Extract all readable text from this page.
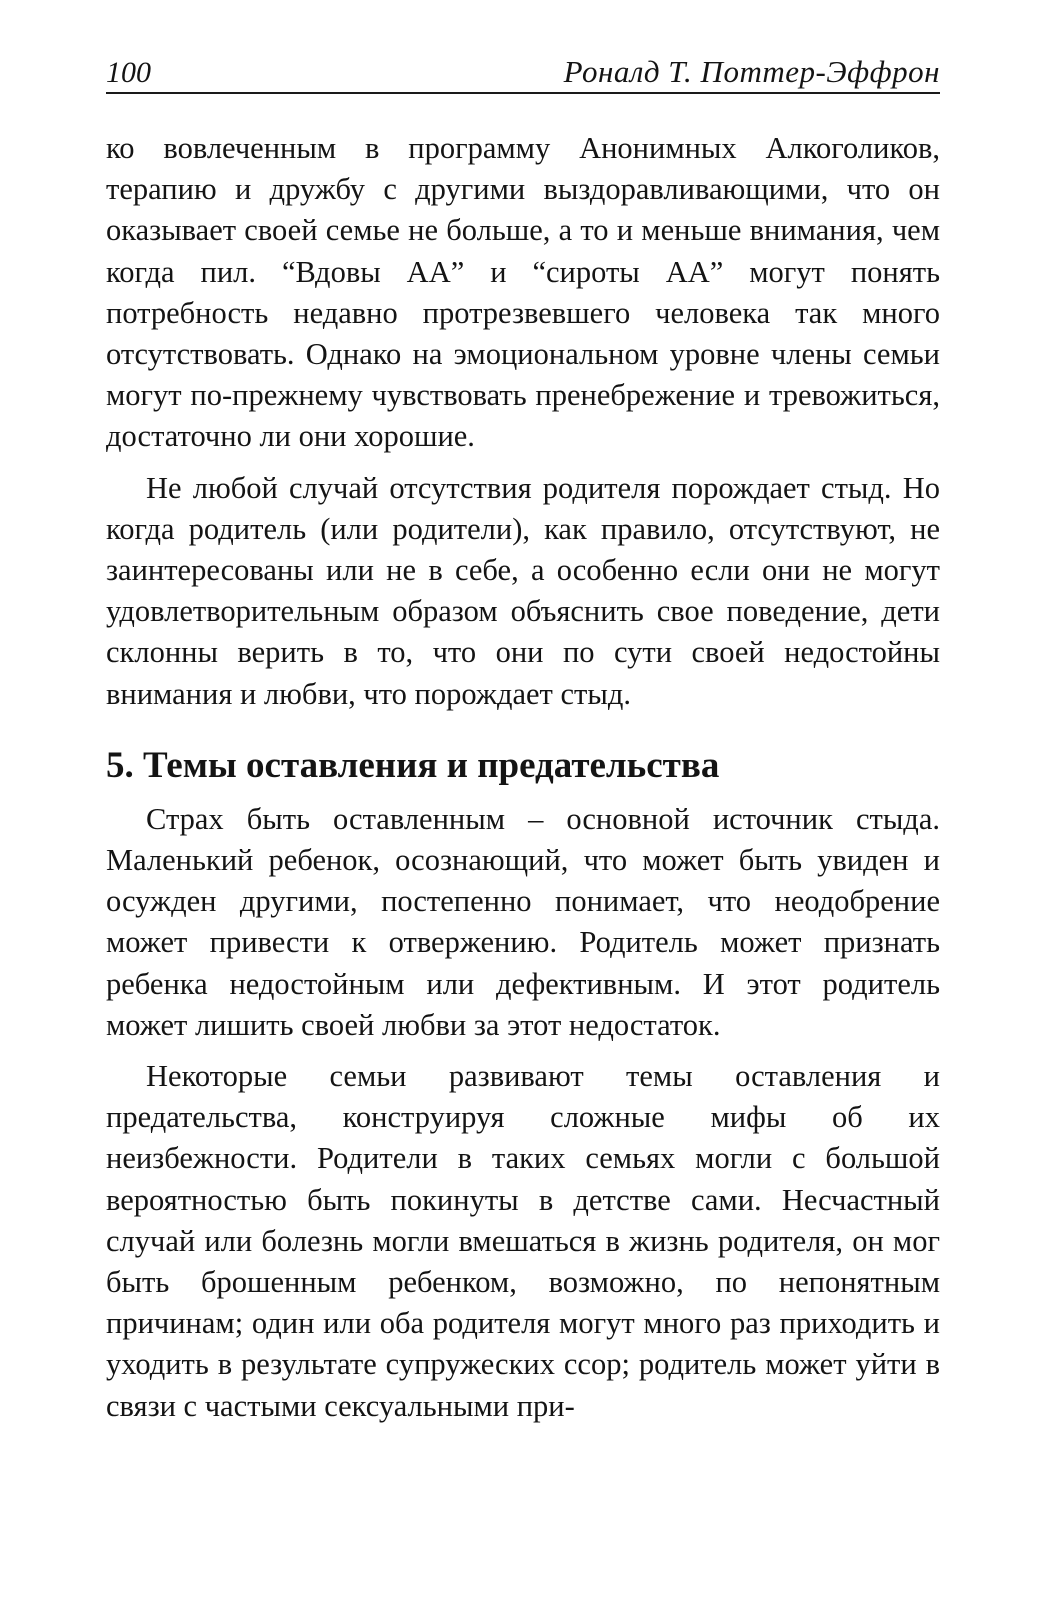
100	Роналд Т. Поттер-Эффрон

ко вовлеченным в программу Анонимных Алкоголиков, терапию и дружбу с другими выздоравливающими, что он оказывает своей семье не больше, а то и меньше внимания, чем когда пил. “Вдовы АА” и “сироты АА” могут понять потребность недавно протрезвевшего человека так много отсутствовать. Однако на эмоциональном уровне члены семьи могут по-прежнему чувствовать пренебрежение и тревожиться, достаточно ли они хорошие.

Не любой случай отсутствия родителя порождает стыд. Но когда родитель (или родители), как правило, отсутствуют, не заинтересованы или не в себе, а особенно если они не могут удовлетворительным образом объяснить свое поведение, дети склонны верить в то, что они по сути своей недостойны внимания и любви, что порождает стыд.

5. Темы оставления и предательства

Страх быть оставленным – основной источник стыда. Маленький ребенок, осознающий, что может быть увиден и осужден другими, постепенно понимает, что неодобрение может привести к отвержению. Родитель может признать ребенка недостойным или дефективным. И этот родитель может лишить своей любви за этот недостаток.

Некоторые семьи развивают темы оставления и предательства, конструируя сложные мифы об их неизбежности. Родители в таких семьях могли с большой вероятностью быть покинуты в детстве сами. Несчастный случай или болезнь могли вмешаться в жизнь родителя, он мог быть брошенным ребенком, возможно, по непонятным причинам; один или оба родителя могут много раз приходить и уходить в результате супружеских ссор; родитель может уйти в связи с частыми сексуальными при-
